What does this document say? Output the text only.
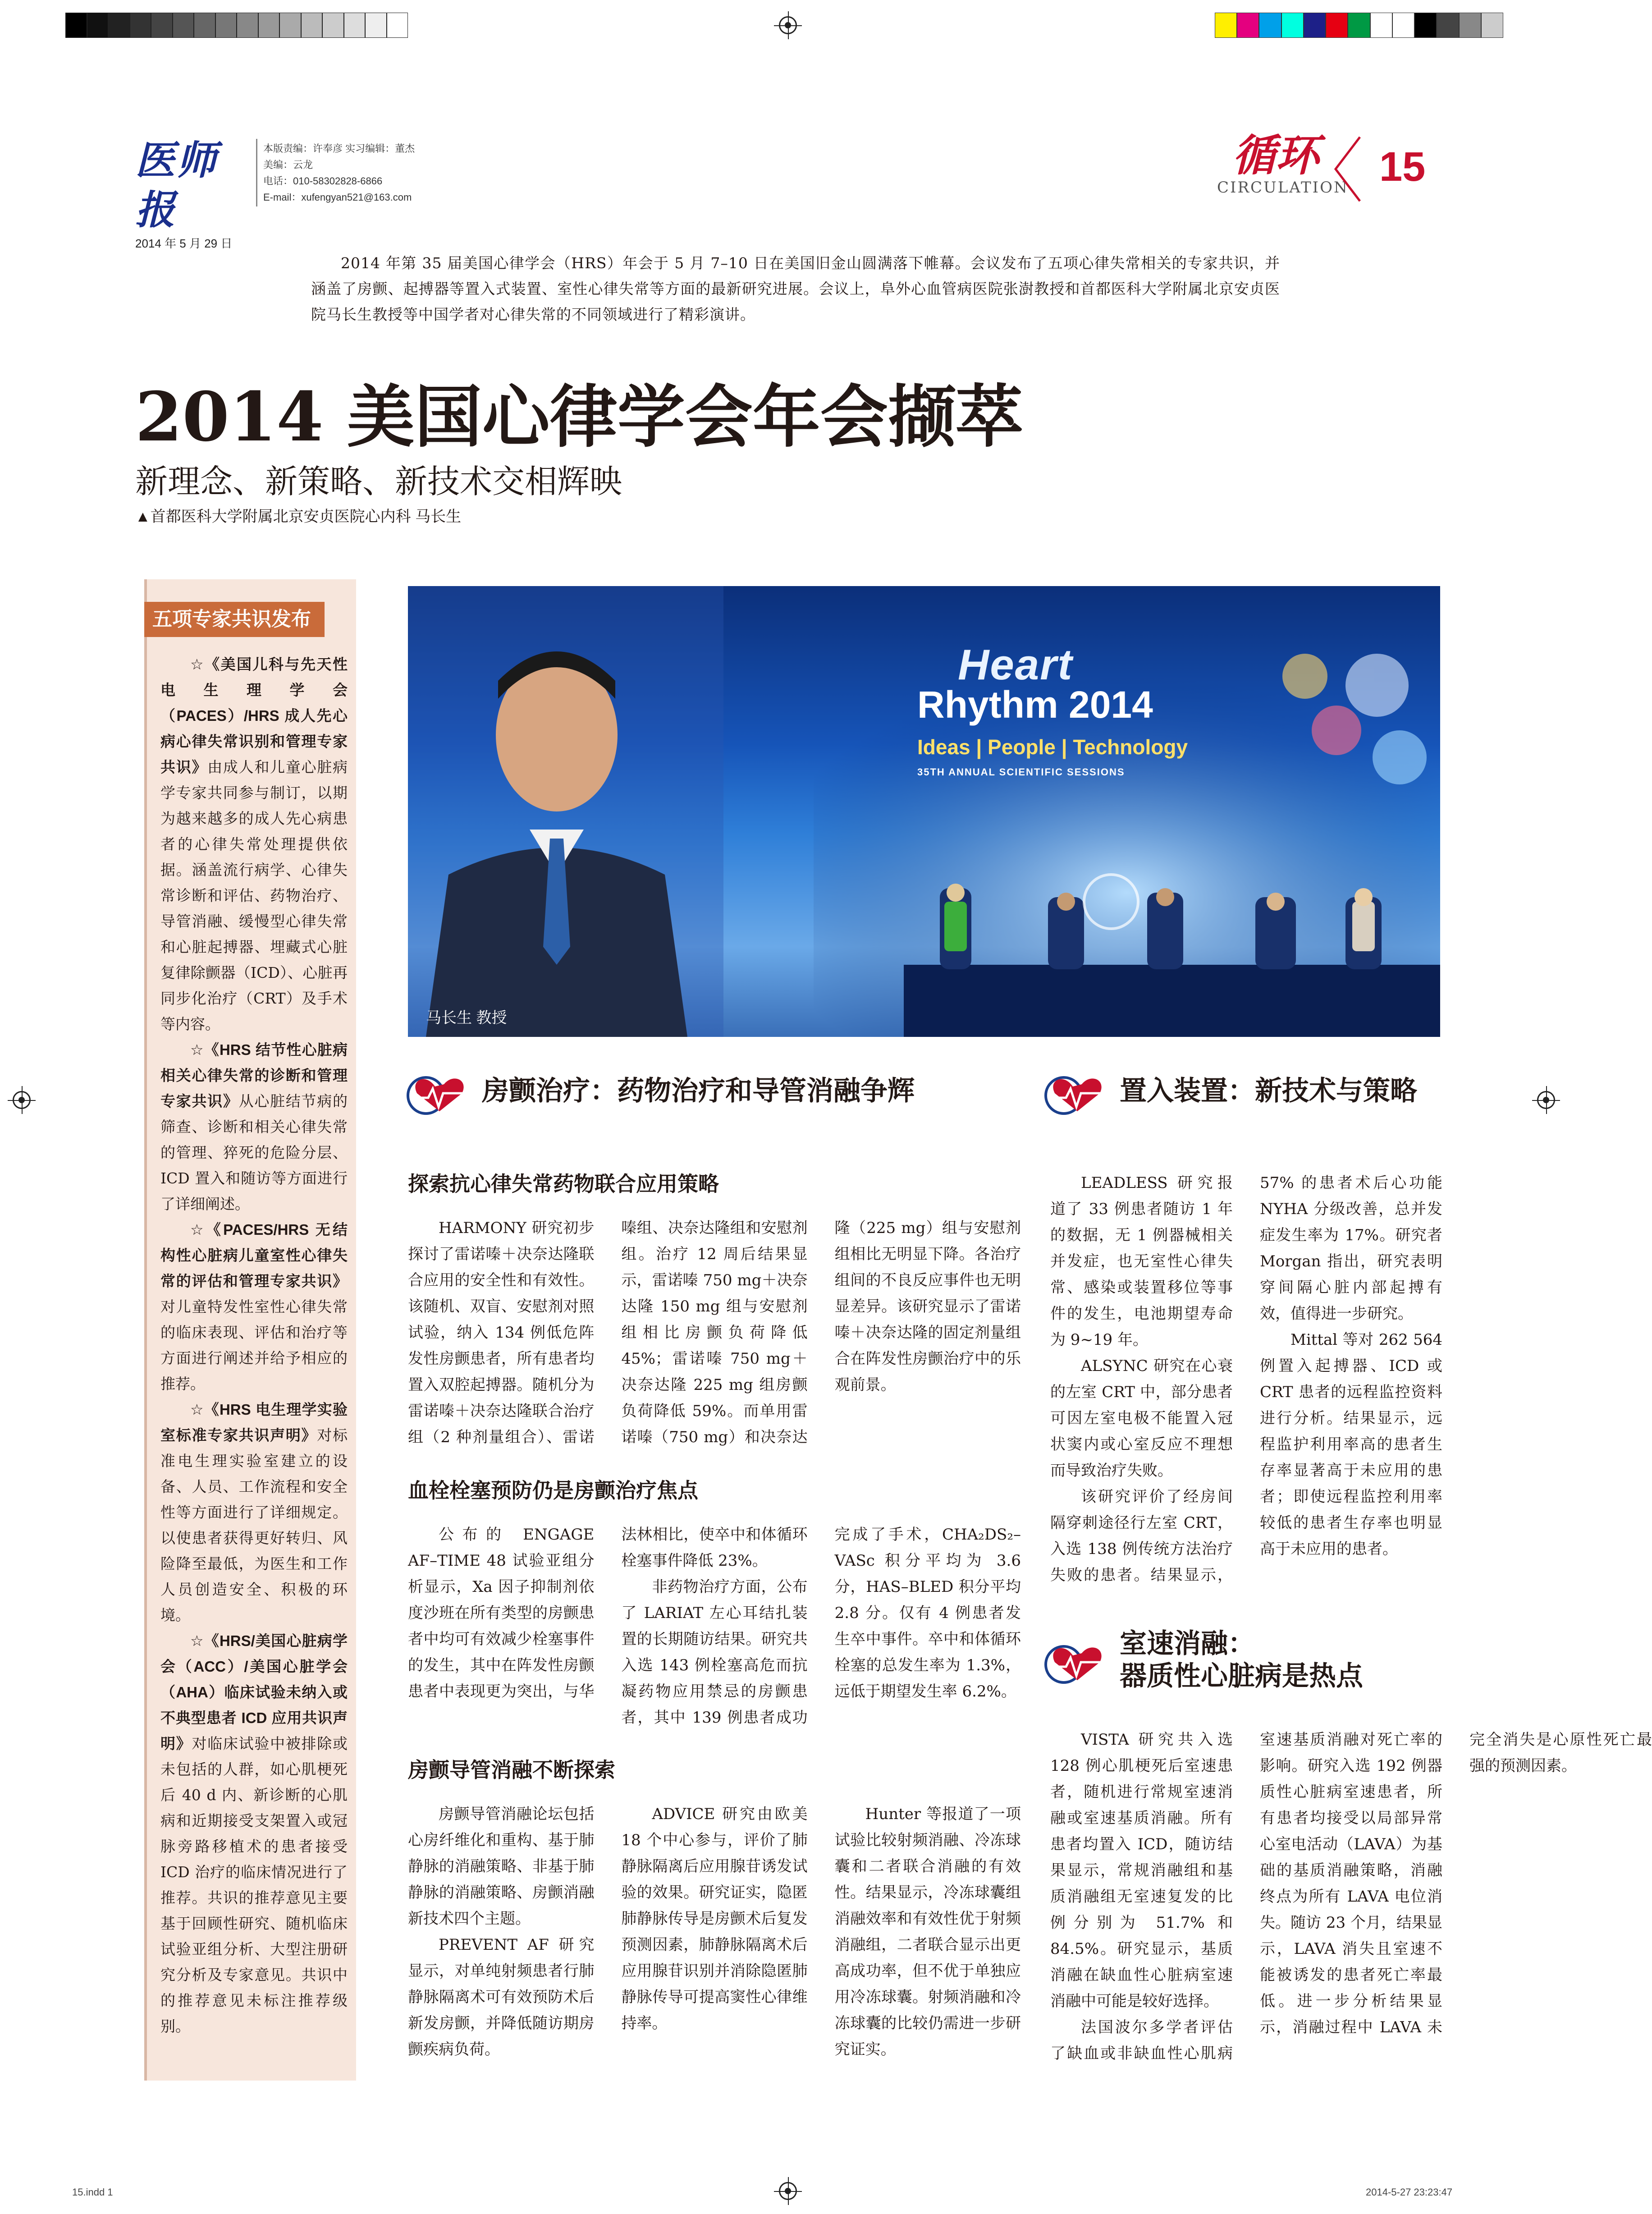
医师报
2014 年 5 月 29 日
本版责编：许奉彦 实习编辑：董杰
美编：云龙
电话：010-58302828-6866
E-mail：xufengyan521@163.com
循环
CIRCULATION 15
2014 年第 35 届美国心律学会（HRS）年会于 5 月 7–10 日在美国旧金山圆满落下帷幕。会议发布了五项心律失常相关的专家共识，并涵盖了房颤、起搏器等置入式装置、室性心律失常等方面的最新研究进展。会议上，阜外心血管病医院张澍教授和首都医科大学附属北京安贞医院马长生教授等中国学者对心律失常的不同领域进行了精彩演讲。
2014 美国心律学会年会撷萃
新理念、新策略、新技术交相辉映
▲首都医科大学附属北京安贞医院心内科 马长生
五项专家共识发布

☆《美国儿科与先天性电生理学会（PACES）/HRS 成人先心病心律失常识别和管理专家共识》由成人和儿童心脏病学专家共同参与制订，以期为越来越多的成人先心病患者的心律失常处理提供依据。涵盖流行病学、心律失常诊断和评估、药物治疗、导管消融、缓慢型心律失常和心脏起搏器、埋藏式心脏复律除颤器（ICD）、心脏再同步化治疗（CRT）及手术等内容。

☆《HRS 结节性心脏病相关心律失常的诊断和管理专家共识》从心脏结节病的筛查、诊断和相关心律失常的管理、猝死的危险分层、ICD 置入和随访等方面进行了详细阐述。

☆《PACES/HRS 无结构性心脏病儿童室性心律失常的评估和管理专家共识》对儿童特发性室性心律失常的临床表现、评估和治疗等方面进行阐述并给予相应的推荐。

☆《HRS 电生理学实验室标准专家共识声明》对标准电生理实验室建立的设备、人员、工作流程和安全性等方面进行了详细规定。以使患者获得更好转归、风险降至最低，为医生和工作人员创造安全、积极的环境。

☆《HRS/美国心脏病学会（ACC）/美国心脏学会（AHA）临床试验未纳入或不典型患者 ICD 应用共识声明》对临床试验中被排除或未包括的人群，如心肌梗死后 40 d 内、新诊断的心肌病和近期接受支架置入或冠脉旁路移植术的患者接受 ICD 治疗的临床情况进行了推荐。共识的推荐意见主要基于回顾性研究、随机临床试验亚组分析、大型注册研究分析及专家意见。共识中的推荐意见未标注推荐级别。

Heart
Rhythm 2014
Ideas | People | Technology
35TH ANNUAL SCIENTIFIC SESSIONS
马长生 教授
房颤治疗：药物治疗和导管消融争辉	置入装置：新技术与策略
探索抗心律失常药物联合应用策略

HARMONY 研究初步探讨了雷诺嗪＋决奈达隆联合应用的安全性和有效性。该随机、双盲、安慰剂对照试验，纳入 134 例低危阵发性房颤患者，所有患者均置入双腔起搏器。随机分为雷诺嗪＋决奈达隆联合治疗组（2 种剂量组合）、雷诺嗪组、决奈达隆组和安慰剂组。治疗 12 周后结果显示，雷诺嗪 750 mg＋决奈达隆 150 mg 组与安慰剂组相比房颤负荷降低 45%；雷诺嗪 750 mg＋决奈达隆 225 mg 组房颤负荷降低 59%。而单用雷诺嗪（750 mg）和决奈达隆（225 mg）组与安慰剂组相比无明显下降。各治疗组间的不良反应事件也无明显差异。该研究显示了雷诺嗪＋决奈达隆的固定剂量组合在阵发性房颤治疗中的乐观前景。

血栓栓塞预防仍是房颤治疗焦点

公布的 ENGAGE AF–TIME 48 试验亚组分析显示，Xa 因子抑制剂依度沙班在所有类型的房颤患者中均可有效减少栓塞事件的发生，其中在阵发性房颤患者中表现更为突出，与华法林相比，使卒中和体循环栓塞事件降低 23%。

非药物治疗方面，公布了 LARIAT 左心耳结扎装置的长期随访结果。研究共入选 143 例栓塞高危而抗凝药物应用禁忌的房颤患者，其中 139 例患者成功完成了手术，CHA₂DS₂–VASc 积分平均为 3.6 分，HAS–BLED 积分平均 2.8 分。仅有 4 例患者发生卒中事件。卒中和体循环栓塞的总发生率为 1.3%，远低于期望发生率 6.2%。

房颤导管消融不断探索

房颤导管消融论坛包括心房纤维化和重构、基于肺静脉的消融策略、非基于肺静脉的消融策略、房颤消融新技术四个主题。

PREVENT AF 研究显示，对单纯射频患者行肺静脉隔离术可有效预防术后新发房颤，并降低随访期房颤疾病负荷。

ADVICE 研究由欧美 18 个中心参与，评价了肺静脉隔离后应用腺苷诱发试验的效果。研究证实，隐匿肺静脉传导是房颤术后复发预测因素，肺静脉隔离术后应用腺苷识别并消除隐匿肺静脉传导可提高窦性心律维持率。

Hunter 等报道了一项试验比较射频消融、冷冻球囊和二者联合消融的有效性。结果显示，冷冻球囊组消融效率和有效性优于射频消融组，二者联合显示出更高成功率，但不优于单独应用冷冻球囊。射频消融和冷冻球囊的比较仍需进一步研究证实。

LEADLESS 研究报道了 33 例患者随访 1 年的数据，无 1 例器械相关并发症，也无室性心律失常、感染或装置移位等事件的发生，电池期望寿命为 9~19 年。

ALSYNC 研究在心衰的左室 CRT 中，部分患者可因左室电极不能置入冠状窦内或心室反应不理想而导致治疗失败。

该研究评价了经房间隔穿刺途径行左室 CRT，入选 138 例传统方法治疗失败的患者。结果显示，57% 的患者术后心功能 NYHA 分级改善，总并发症发生率为 17%。研究者 Morgan 指出，研究表明穿间隔心脏内部起搏有效，值得进一步研究。

Mittal 等对 262 564 例置入起搏器、ICD 或 CRT 患者的远程监控资料进行分析。结果显示，远程监护利用率高的患者生存率显著高于未应用的患者；即使远程监控利用率较低的患者生存率也明显高于未应用的患者。

室速消融：
器质性心脏病是热点

VISTA 研究共入选 128 例心肌梗死后室速患者，随机进行常规室速消融或室速基质消融。所有患者均置入 ICD，随访结果显示，常规消融组和基质消融组无室速复发的比例分别为 51.7% 和 84.5%。研究显示，基质消融在缺血性心脏病室速消融中可能是较好选择。

法国波尔多学者评估了缺血或非缺血性心肌病室速基质消融对死亡率的影响。研究入选 192 例器质性心脏病室速患者，所有患者均接受以局部异常心室电活动（LAVA）为基础的基质消融策略，消融终点为所有 LAVA 电位消失。随访 23 个月，结果显示，LAVA 消失且室速不能被诱发的患者死亡率最低。进一步分析结果显示，消融过程中 LAVA 未完全消失是心原性死亡最强的预测因素。

15.indd 1	2014-5-27 23:23:47
